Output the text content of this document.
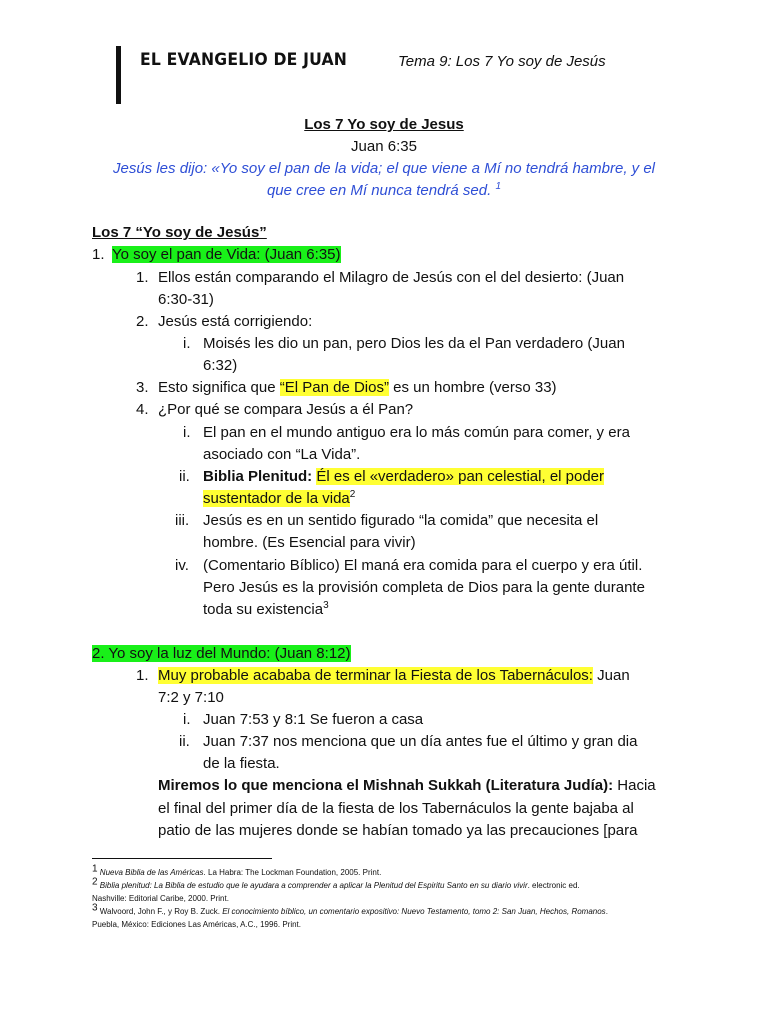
EL EVANGELIO DE JUAN	Tema 9: Los 7 Yo soy de Jesús
Los 7 Yo soy de Jesus
Juan 6:35
Jesús les dijo: «Yo soy el pan de la vida; el que viene a Mí no tendrá hambre, y el
que cree en Mí nunca tendrá sed. $^1$
Los 7 “Yo soy de Jesús”
1. Yo soy el pan de Vida: (Juan 6:35)
1. Ellos están comparando el Milagro de Jesús con el del desierto: (Juan
6:30-31)
2. Jesús está corrigiendo:
i. Moisés les dio un pan, pero Dios les da el Pan verdadero (Juan
6:32)
3. Esto significa que “El Pan de Dios” es un hombre (verso 33)
4. ¿Por qué se compara Jesús a él Pan?
i. El pan en el mundo antiguo era lo más común para comer, y era
asociado con “La Vida”.
ii. Biblia Plenitud: Él es el «verdadero» pan celestial, el poder
sustentador de la vida$^2$
iii. Jesús es en un sentido figurado “la comida” que necesita el
hombre. (Es Esencial para vivir)
iv. (Comentario Bíblico) El maná era comida para el cuerpo y era útil.
Pero Jesús es la provisión completa de Dios para la gente durante
toda su existencia$^3$
2. Yo soy la luz del Mundo: (Juan 8:12)
1. Muy probable acababa de terminar la Fiesta de los Tabernáculos: Juan
7:2 y 7:10
i. Juan 7:53 y 8:1 Se fueron a casa
ii. Juan 7:37 nos menciona que un día antes fue el último y gran dia
de la fiesta.
Miremos lo que menciona el Mishnah Sukkah (Literatura Judía): Hacia
el final del primer día de la fiesta de los Tabernáculos la gente bajaba al
patio de las mujeres donde se habían tomado ya las precauciones [para
$^1$ Nueva Biblia de las Américas. La Habra: The Lockman Foundation, 2005. Print.
$^2$ Biblia plenitud: La Biblia de estudio que le ayudara a comprender a aplicar la Plenitud del Espiritu Santo en su diario vivir. electronic ed.
Nashville: Editorial Caribe, 2000. Print.
$^3$ Walvoord, John F., y Roy B. Zuck. El conocimiento bíblico, un comentario expositivo: Nuevo Testamento, tomo 2: San Juan, Hechos, Romanos.
Puebla, México: Ediciones Las Américas, A.C., 1996. Print.
